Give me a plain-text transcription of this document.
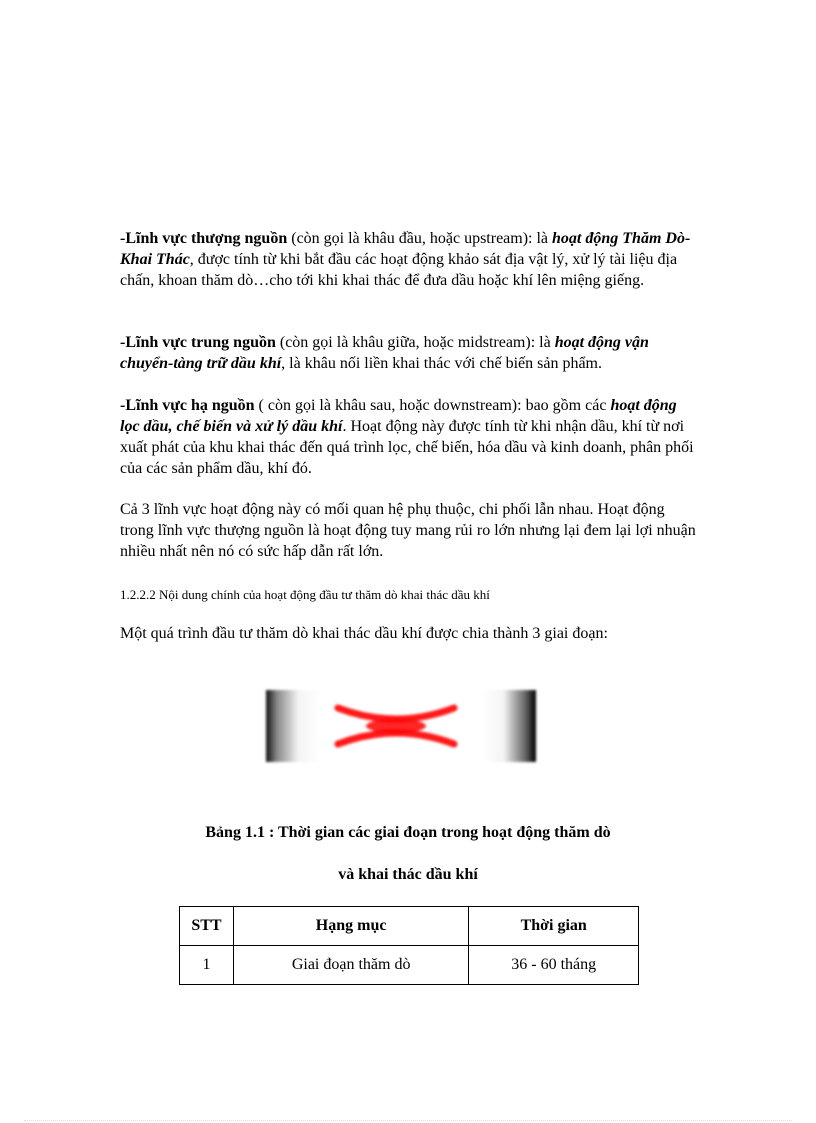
-Lĩnh vực thượng nguồn (còn gọi là khâu đầu, hoặc upstream): là hoạt động Thăm Dò-Khai Thác, được tính từ khi bắt đầu các hoạt động khảo sát địa vật lý, xử lý tài liệu địa chấn, khoan thăm dò…cho tới khi khai thác để đưa dầu hoặc khí lên miệng giếng.

-Lĩnh vực trung nguồn (còn gọi là khâu giữa, hoặc midstream): là hoạt động vận chuyển-tàng trữ dầu khí, là khâu nối liền khai thác với chế biến sản phẩm.

-Lĩnh vực hạ nguồn ( còn gọi là khâu sau, hoặc downstream): bao gồm các hoạt động lọc dầu, chế biến và xử lý dầu khí. Hoạt động này được tính từ khi nhận dầu, khí từ nơi xuất phát của khu khai thác đến quá trình lọc, chế biến, hóa dầu và kinh doanh, phân phối của các sản phẩm dầu, khí đó.

Cả 3 lĩnh vực hoạt động này có mối quan hệ phụ thuộc, chi phối lẫn nhau. Hoạt động trong lĩnh vực thượng nguồn là hoạt động tuy mang rủi ro lớn nhưng lại đem lại lợi nhuận nhiều nhất nên nó có sức hấp dẫn rất lớn.

1.2.2.2 Nội dung chính của hoạt động đầu tư thăm dò khai thác dầu khí

Một quá trình đầu tư thăm dò khai thác dầu khí được chia thành 3 giai đoạn:

Bảng 1.1 : Thời gian các giai đoạn trong hoạt động thăm dò
và khai thác dầu khí
STT	Hạng mục	Thời gian
1	Giai đoạn thăm dò	36 - 60 tháng
